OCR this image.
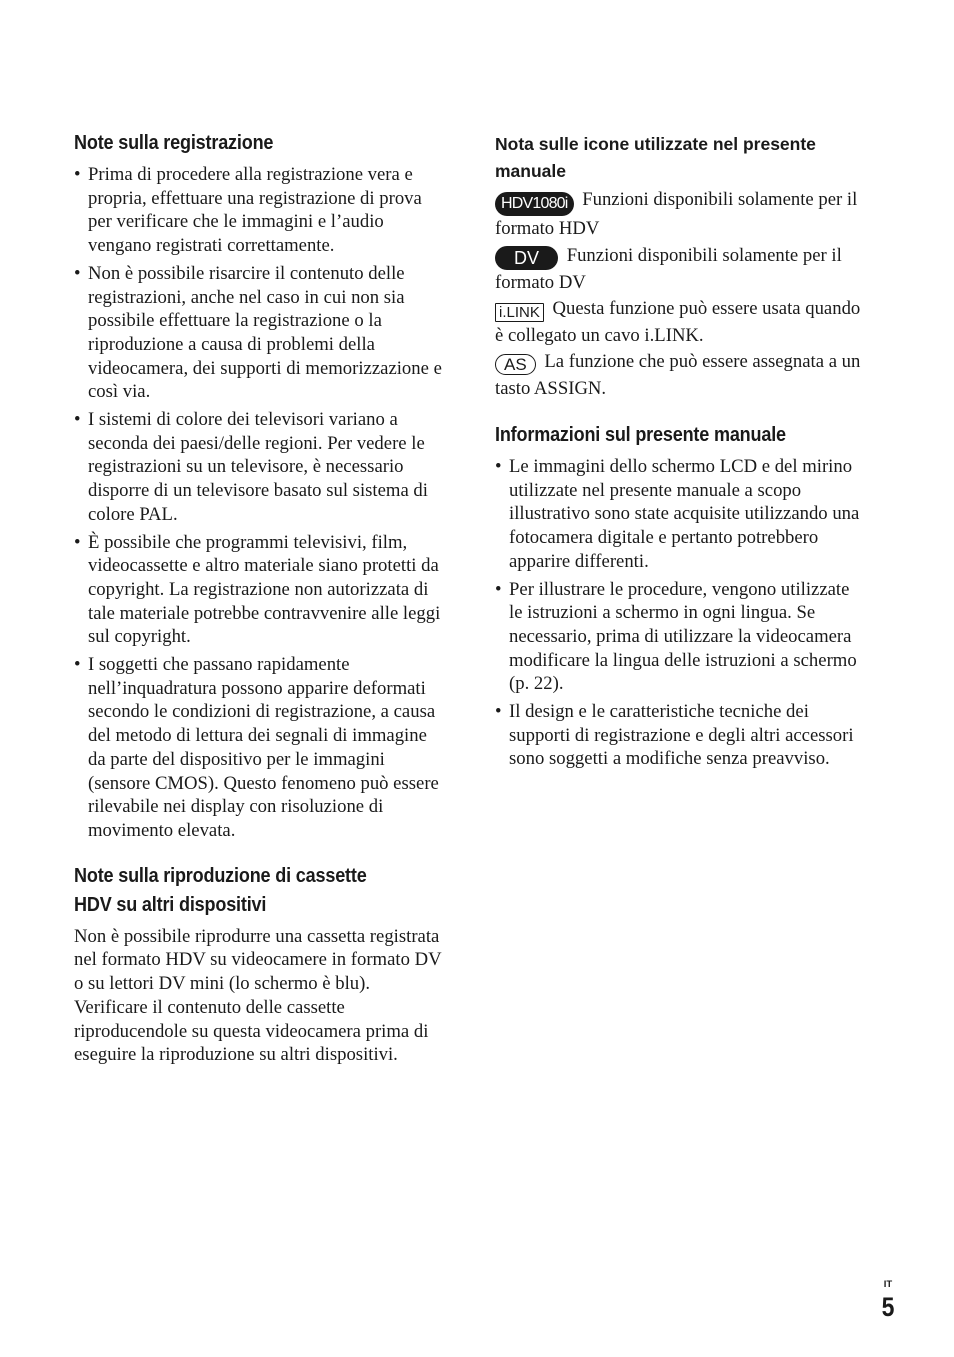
Note sulla registrazione
• Prima di procedere alla registrazione vera e propria, effettuare una registrazione di prova per verificare che le immagini e l’audio vengano registrati correttamente.
• Non è possibile risarcire il contenuto delle registrazioni, anche nel caso in cui non sia possibile effettuare la registrazione o la riproduzione a causa di problemi della videocamera, dei supporti di memorizzazione e così via.
• I sistemi di colore dei televisori variano a seconda dei paesi/delle regioni. Per vedere le registrazioni su un televisore, è necessario disporre di un televisore basato sul sistema di colore PAL.
• È possibile che programmi televisivi, film, videocassette e altro materiale siano protetti da copyright. La registrazione non autorizzata di tale materiale potrebbe contravvenire alle leggi sul copyright.
• I soggetti che passano rapidamente nell’inquadratura possono apparire deformati secondo le condizioni di registrazione, a causa del metodo di lettura dei segnali di immagine da parte del dispositivo per le immagini (sensore CMOS). Questo fenomeno può essere rilevabile nei display con risoluzione di movimento elevata.
Note sulla riproduzione di cassette
HDV su altri dispositivi

Non è possibile riprodurre una cassetta registrata nel formato HDV su videocamere in formato DV o su lettori DV mini (lo schermo è blu).

Verificare il contenuto delle cassette riproducendole su questa videocamera prima di eseguire la riproduzione su altri dispositivi.

Nota sulle icone utilizzate nel presente manuale

HDV1080i Funzioni disponibili solamente per il formato HDV

DV Funzioni disponibili solamente per il formato DV

i.LINK Questa funzione può essere usata quando è collegato un cavo i.LINK.

AS La funzione che può essere assegnata a un tasto ASSIGN.

Informazioni sul presente manuale
• Le immagini dello schermo LCD e del mirino utilizzate nel presente manuale a scopo illustrativo sono state acquisite utilizzando una fotocamera digitale e pertanto potrebbero apparire differenti.
• Per illustrare le procedure, vengono utilizzate le istruzioni a schermo in ogni lingua. Se necessario, prima di utilizzare la videocamera modificare la lingua delle istruzioni a schermo (p. 22).
• Il design e le caratteristiche tecniche dei supporti di registrazione e degli altri accessori sono soggetti a modifiche senza preavviso.
IT
5
